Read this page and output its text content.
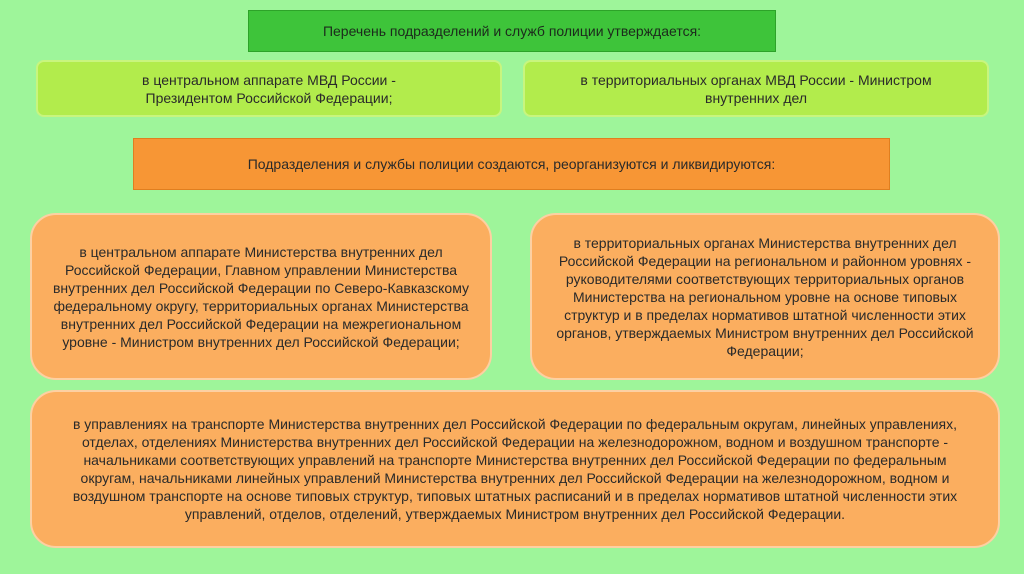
Перечень подразделений и служб полиции утверждается:
в центральном аппарате МВД России - Президентом Российской Федерации;
в территориальных органах МВД России - Министром внутренних дел
Подразделения и службы полиции создаются, реорганизуются и ликвидируются:
в центральном аппарате Министерства внутренних дел Российской Федерации, Главном управлении Министерства внутренних дел Российской Федерации по Северо-Кавказскому федеральному округу, территориальных органах Министерства внутренних дел Российской Федерации на межрегиональном уровне - Министром внутренних дел Российской Федерации;
в территориальных органах Министерства внутренних дел Российской Федерации на региональном и районном уровнях - руководителями соответствующих территориальных органов Министерства на региональном уровне на основе типовых структур и в пределах нормативов штатной численности этих органов, утверждаемых Министром внутренних дел Российской Федерации;
в управлениях на транспорте Министерства внутренних дел Российской Федерации по федеральным округам, линейных управлениях, отделах, отделениях Министерства внутренних дел Российской Федерации на железнодорожном, водном и воздушном транспорте - начальниками соответствующих управлений на транспорте Министерства внутренних дел Российской Федерации по федеральным округам, начальниками линейных управлений Министерства внутренних дел Российской Федерации на железнодорожном, водном и воздушном транспорте на основе типовых структур, типовых штатных расписаний и в пределах нормативов штатной численности этих управлений, отделов, отделений, утверждаемых Министром внутренних дел Российской Федерации.
